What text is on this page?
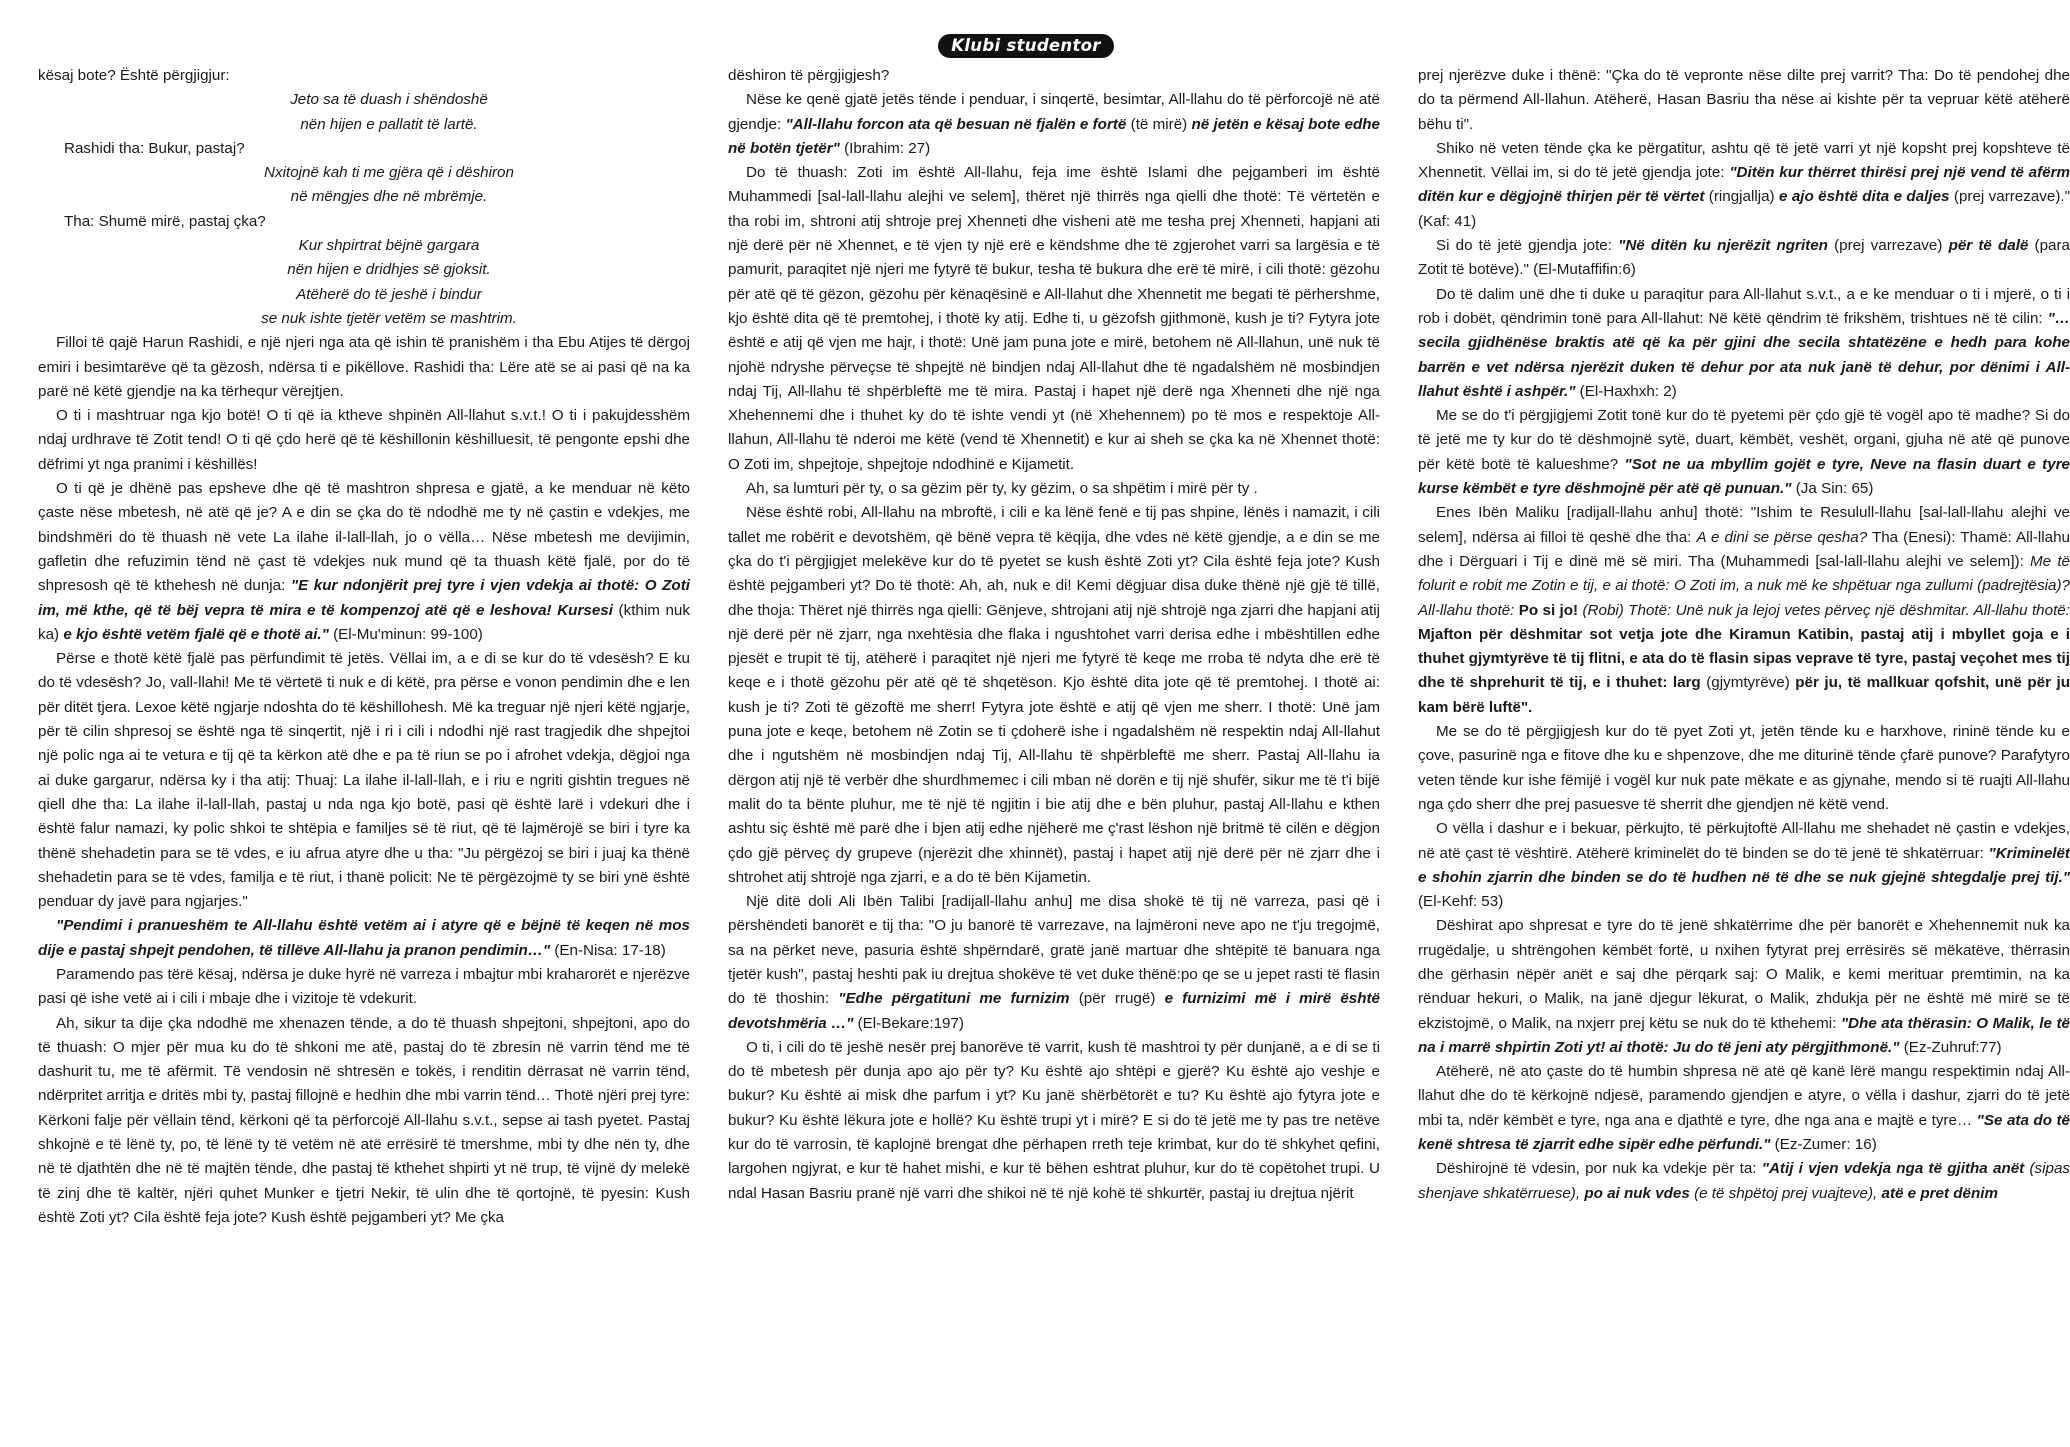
Klubi studentor

kësaj bote? Është përgjigjur:

Jeto sa të duash i shëndoshë

nën hijen e pallatit të lartë.

Rashidi tha: Bukur, pastaj?

Nxitojnë kah ti me gjëra që i dëshiron

në mëngjes dhe në mbrëmje.

Tha: Shumë mirë, pastaj çka?

Kur shpirtrat bëjnë gargara

nën hijen e dridhjes së gjoksit.

Atëherë do të jeshë i bindur

se nuk ishte tjetër vetëm se mashtrim.

Filloi të qajë Harun Rashidi, e një njeri nga ata që ishin të pranishëm i tha Ebu Atijes të dërgoj emiri i besimtarëve që ta gëzosh, ndërsa ti e pikëllove. Rashidi tha: Lëre atë se ai pasi që na ka parë në këtë gjendje na ka tërhequr vërejtjen.

O ti i mashtruar nga kjo botë! O ti që ia ktheve shpinën All-llahut s.v.t.! O ti i pakujdesshëm ndaj urdhrave të Zotit tend! O ti që çdo herë që të këshillonin këshilluesit, të pengonte epshi dhe dëfrimi yt nga pranimi i këshillës!

O ti që je dhënë pas epsheve dhe që të mashtron shpresa e gjatë, a ke menduar në këto çaste nëse mbetesh, në atë që je? A e din se çka do të ndodhë me ty në çastin e vdekjes, me bindshmëri do të thuash në vete La ilahe il-lall-llah, jo o vëlla… Nëse mbetesh me devijimin, gafletin dhe refuzimin tënd në çast të vdekjes nuk mund që ta thuash këtë fjalë, por do të shpresosh që të kthehesh në dunja: "E kur ndonjërit prej tyre i vjen vdekja ai thotë: O Zoti im, më kthe, që të bëj vepra të mira e të kompenzoj atë që e leshova! Kursesi (kthim nuk ka) e kjo është vetëm fjalë që e thotë ai." (El-Mu'minun: 99-100)

Përse e thotë këtë fjalë pas përfundimit të jetës. Vëllai im, a e di se kur do të vdesësh? E ku do të vdesësh? Jo, vall-llahi! Me të vërtetë ti nuk e di këtë, pra përse e vonon pendimin dhe e len për ditët tjera. Lexoe këtë ngjarje ndoshta do të këshillohesh. Më ka treguar një njeri këtë ngjarje, për të cilin shpresoj se është nga të sinqertit, një i ri i cili i ndodhi një rast tragjedik dhe shpejtoi një polic nga ai te vetura e tij që ta kërkon atë dhe e pa të riun se po i afrohet vdekja, dëgjoi nga ai duke gargarur, ndërsa ky i tha atij: Thuaj: La ilahe il-lall-llah, e i riu e ngriti gishtin tregues në qiell dhe tha: La ilahe il-lall-llah, pastaj u nda nga kjo botë, pasi që është larë i vdekuri dhe i është falur namazi, ky polic shkoi te shtëpia e familjes së të riut, që të lajmërojë se biri i tyre ka thënë shehadetin para se të vdes, e iu afrua atyre dhe u tha: "Ju përgëzoj se biri i juaj ka thënë shehadetin para se të vdes, familja e të riut, i thanë policit: Ne të përgëzojmë ty se biri ynë është penduar dy javë para ngjarjes."

"Pendimi i pranueshëm te All-llahu është vetëm ai i atyre që e bëjnë të keqen në mos dije e pastaj shpejt pendohen, të tillëve All-llahu ja pranon pendimin…" (En-Nisa: 17-18)

Paramendo pas tërë kësaj, ndërsa je duke hyrë në varreza i mbajtur mbi kraharorët e njerëzve pasi që ishe vetë ai i cili i mbaje dhe i vizitoje të vdekurit.

Ah, sikur ta dije çka ndodhë me xhenazen tënde, a do të thuash shpejtoni, shpejtoni, apo do të thuash: O mjer për mua ku do të shkoni me atë, pastaj do të zbresin në varrin tënd me të dashurit tu, me të afërmit. Të vendosin në shtresën e tokës, i renditin dërrasat në varrin tënd, ndërpritet arritja e dritës mbi ty, pastaj fillojnë e hedhin dhe mbi varrin tënd… Thotë njëri prej tyre: Kërkoni falje për vëllain tënd, kërkoni që ta përforcojë All-llahu s.v.t., sepse ai tash pyetet. Pastaj shkojnë e të lënë ty, po, të lënë ty të vetëm në atë errësirë të tmershme, mbi ty dhe nën ty, dhe në të djathtën dhe në të majtën tënde, dhe pastaj të kthehet shpirti yt në trup, të vijnë dy melekë të zinj dhe të kaltër, njëri quhet Munker e tjetri Nekir, të ulin dhe të qortojnë, të pyesin: Kush është Zoti yt? Cila është feja jote? Kush është pejgamberi yt? Me çka

dëshiron të përgjigjesh?

Nëse ke qenë gjatë jetës tënde i penduar, i sinqertë, besimtar, All-llahu do të përforcojë në atë gjendje: "All-llahu forcon ata që besuan në fjalën e fortë (të mirë) në jetën e kësaj bote edhe në botën tjetër" (Ibrahim: 27)

Do të thuash: Zoti im është All-llahu, feja ime është Islami dhe pejgamberi im është Muhammedi [sal-lall-llahu alejhi ve selem], thëret një thirrës nga qielli dhe thotë: Të vërtetën e tha robi im, shtroni atij shtroje prej Xhenneti dhe visheni atë me tesha prej Xhenneti, hapjani ati një derë për në Xhennet, e të vjen ty një erë e këndshme dhe të zgjerohet varri sa largësia e të pamurit, paraqitet një njeri me fytyrë të bukur, tesha të bukura dhe erë të mirë, i cili thotë: gëzohu për atë që të gëzon, gëzohu për kënaqësinë e All-llahut dhe Xhennetit me begati të përhershme, kjo është dita që të premtohej, i thotë ky atij. Edhe ti, u gëzofsh gjithmonë, kush je ti? Fytyra jote është e atij që vjen me hajr, i thotë: Unë jam puna jote e mirë, betohem në All-llahun, unë nuk të njohë ndryshe përveçse të shpejtë në bindjen ndaj All-llahut dhe të ngadalshëm në mosbindjen ndaj Tij, All-llahu të shpërbleftë me të mira. Pastaj i hapet një derë nga Xhenneti dhe një nga Xhehennemi dhe i thuhet ky do të ishte vendi yt (në Xhehennem) po të mos e respektoje All-llahun, All-llahu të nderoi me këtë (vend të Xhennetit) e kur ai sheh se çka ka në Xhennet thotë: O Zoti im, shpejtoje, shpejtoje ndodhinë e Kijametit.

Ah, sa lumturi për ty, o sa gëzim për ty, ky gëzim, o sa shpëtim i mirë për ty .

Nëse është robi, All-llahu na mbroftë, i cili e ka lënë fenë e tij pas shpine, lënës i namazit, i cili tallet me robërit e devotshëm, që bënë vepra të këqija, dhe vdes në këtë gjendje, a e din se me çka do t'i përgjigjet melekëve kur do të pyetet se kush është Zoti yt? Cila është feja jote? Kush është pejgamberi yt? Do të thotë: Ah, ah, nuk e di! Kemi dëgjuar disa duke thënë një gjë të tillë, dhe thoja: Thëret një thirrës nga qielli: Gënjeve, shtrojani atij një shtrojë nga zjarri dhe hapjani atij një derë për në zjarr, nga nxehtësia dhe flaka i ngushtohet varri derisa edhe i mbështillen edhe pjesët e trupit të tij, atëherë i paraqitet një njeri me fytyrë të keqe me rroba të ndyta dhe erë të keqe e i thotë gëzohu për atë që të shqetëson. Kjo është dita jote që të premtohej. I thotë ai: kush je ti? Zoti të gëzoftë me sherr! Fytyra jote është e atij që vjen me sherr. I thotë: Unë jam puna jote e keqe, betohem në Zotin se ti çdoherë ishe i ngadalshëm në respektin ndaj All-llahut dhe i ngutshëm në mosbindjen ndaj Tij, All-llahu të shpërbleftë me sherr. Pastaj All-llahu ia dërgon atij një të verbër dhe shurdhmemec i cili mban në dorën e tij një shufër, sikur me të t'i bijë malit do ta bënte pluhur, me të një të ngjitin i bie atij dhe e bën pluhur, pastaj All-llahu e kthen ashtu siç është më parë dhe i bjen atij edhe njëherë me ç'rast lëshon një britmë të cilën e dëgjon çdo gjë përveç dy grupeve (njerëzit dhe xhinnët), pastaj i hapet atij një derë për në zjarr dhe i shtrohet atij shtrojë nga zjarri, e a do të bën Kijametin.

Një ditë doli Ali Ibën Talibi [radijall-llahu anhu] me disa shokë të tij në varreza, pasi që i përshëndeti banorët e tij tha: "O ju banorë të varrezave, na lajmëroni neve apo ne t'ju tregojmë, sa na përket neve, pasuria është shpërndarë, gratë janë martuar dhe shtëpitë të banuara nga tjetër kush", pastaj heshti pak iu drejtua shokëve të vet duke thënë:po qe se u jepet rasti të flasin do të thoshin: "Edhe përgatituni me furnizim (për rrugë) e furnizimi më i mirë është devotshmëria …" (El-Bekare:197)

O ti, i cili do të jeshë nesër prej banorëve të varrit, kush të mashtroi ty për dunjanë, a e di se ti do të mbetesh për dunja apo ajo për ty? Ku është ajo shtëpi e gjerë? Ku është ajo veshje e bukur? Ku është ai misk dhe parfum i yt? Ku janë shërbëtorët e tu? Ku është ajo fytyra jote e bukur? Ku është lëkura jote e hollë? Ku është trupi yt i mirë? E si do të jetë me ty pas tre netëve kur do të varrosin, të kaplojnë brengat dhe përhapen rreth teje krimbat, kur do të shkyhet qefini, largohen ngjyrat, e kur të hahet mishi, e kur të bëhen eshtrat pluhur, kur do të copëtohet trupi. U ndal Hasan Basriu pranë një varri dhe shikoi në të një kohë të shkurtër, pastaj iu drejtua njërit

prej njerëzve duke i thënë: "Çka do të vepronte nëse dilte prej varrit? Tha: Do të pendohej dhe do ta përmend All-llahun. Atëherë, Hasan Basriu tha nëse ai kishte për ta vepruar këtë atëherë bëhu ti".

Shiko në veten tënde çka ke përgatitur, ashtu që të jetë varri yt një kopsht prej kopshteve të Xhennetit. Vëllai im, si do të jetë gjendja jote: "Ditën kur thërret thirësi prej një vend të afërm ditën kur e dëgjojnë thirjen për të vërtet (ringjallja) e ajo është dita e daljes (prej varrezave)." (Kaf: 41)

Si do të jetë gjendja jote: "Në ditën ku njerëzit ngriten (prej varrezave) për të dalë (para Zotit të botëve)." (El-Mutaffifin:6)

Do të dalim unë dhe ti duke u paraqitur para All-llahut s.v.t., a e ke menduar o ti i mjerë, o ti i rob i dobët, qëndrimin tonë para All-llahut: Në këtë qëndrim të frikshëm, trishtues në të cilin: "… secila gjidhënëse braktis atë që ka për gjini dhe secila shtatëzëne e hedh para kohe barrën e vet ndërsa njerëzit duken të dehur por ata nuk janë të dehur, por dënimi i All-llahut është i ashpër." (El-Haxhxh: 2)

Me se do t'i përgjigjemi Zotit tonë kur do të pyetemi për çdo gjë të vogël apo të madhe? Si do të jetë me ty kur do të dëshmojnë sytë, duart, këmbët, veshët, organi, gjuha në atë që punove për këtë botë të kalueshme? "Sot ne ua mbyllim gojët e tyre, Neve na flasin duart e tyre kurse këmbët e tyre dëshmojnë për atë që punuan." (Ja Sin: 65)

Enes Ibën Maliku [radijall-llahu anhu] thotë: "Ishim te Resulull-llahu [sal-lall-llahu alejhi ve selem], ndërsa ai filloi të qeshë dhe tha: A e dini se përse qesha? Tha (Enesi): Thamë: All-llahu dhe i Dërguari i Tij e dinë më së miri. Tha (Muhammedi [sal-lall-llahu alejhi ve selem]): Me të folurit e robit me Zotin e tij, e ai thotë: O Zoti im, a nuk më ke shpëtuar nga zullumi (padrejtësia)? All-llahu thotë: Po si jo! (Robi) Thotë: Unë nuk ja lejoj vetes përveç një dëshmitar. All-llahu thotë: Mjafton për dëshmitar sot vetja jote dhe Kiramun Katibin, pastaj atij i mbyllet goja e i thuhet gjymtyrëve të tij flitni, e ata do të flasin sipas veprave të tyre, pastaj veçohet mes tij dhe të shprehurit të tij, e i thuhet: larg (gjymtyrëve) për ju, të mallkuar qofshit, unë për ju kam bërë luftë".

Me se do të përgjigjesh kur do të pyet Zoti yt, jetën tënde ku e harxhove, rininë tënde ku e çove, pasurinë nga e fitove dhe ku e shpenzove, dhe me diturinë tënde çfarë punove? Parafytyro veten tënde kur ishe fëmijë i vogël kur nuk pate mëkate e as gjynahe, mendo si të ruajti All-llahu nga çdo sherr dhe prej pasuesve të sherrit dhe gjendjen në këtë vend.

O vëlla i dashur e i bekuar, përkujto, të përkujtoftë All-llahu me shehadet në çastin e vdekjes, në atë çast të vështirë. Atëherë kriminelët do të binden se do të jenë të shkatërruar: "Kriminelët e shohin zjarrin dhe binden se do të hudhen në të dhe se nuk gjejnë shtegdalje prej tij." (El-Kehf: 53)

Dëshirat apo shpresat e tyre do të jenë shkatërrime dhe për banorët e Xhehennemit nuk ka rrugëdalje, u shtrëngohen këmbët fortë, u nxihen fytyrat prej errësirës së mëkatëve, thërrasin dhe gërhasin nëpër anët e saj dhe përqark saj: O Malik, e kemi merituar premtimin, na ka rënduar hekuri, o Malik, na janë djegur lëkurat, o Malik, zhdukja për ne është më mirë se të ekzistojmë, o Malik, na nxjerr prej këtu se nuk do të kthehemi: "Dhe ata thërasin: O Malik, le të na i marrë shpirtin Zoti yt! ai thotë: Ju do të jeni aty përgjithmonë." (Ez-Zuhruf:77)

Atëherë, në ato çaste do të humbin shpresa në atë që kanë lërë mangu respektimin ndaj All-llahut dhe do të kërkojnë ndjesë, paramendo gjendjen e atyre, o vëlla i dashur, zjarri do të jetë mbi ta, ndër këmbët e tyre, nga ana e djathtë e tyre, dhe nga ana e majtë e tyre… "Se ata do të kenë shtresa të zjarrit edhe sipër edhe përfundi." (Ez-Zumer: 16)

Dëshirojnë të vdesin, por nuk ka vdekje për ta: "Atij i vjen vdekja nga të gjitha anët (sipas shenjave shkatërruese), po ai nuk vdes (e të shpëtoj prej vuajteve), atë e pret dënim
